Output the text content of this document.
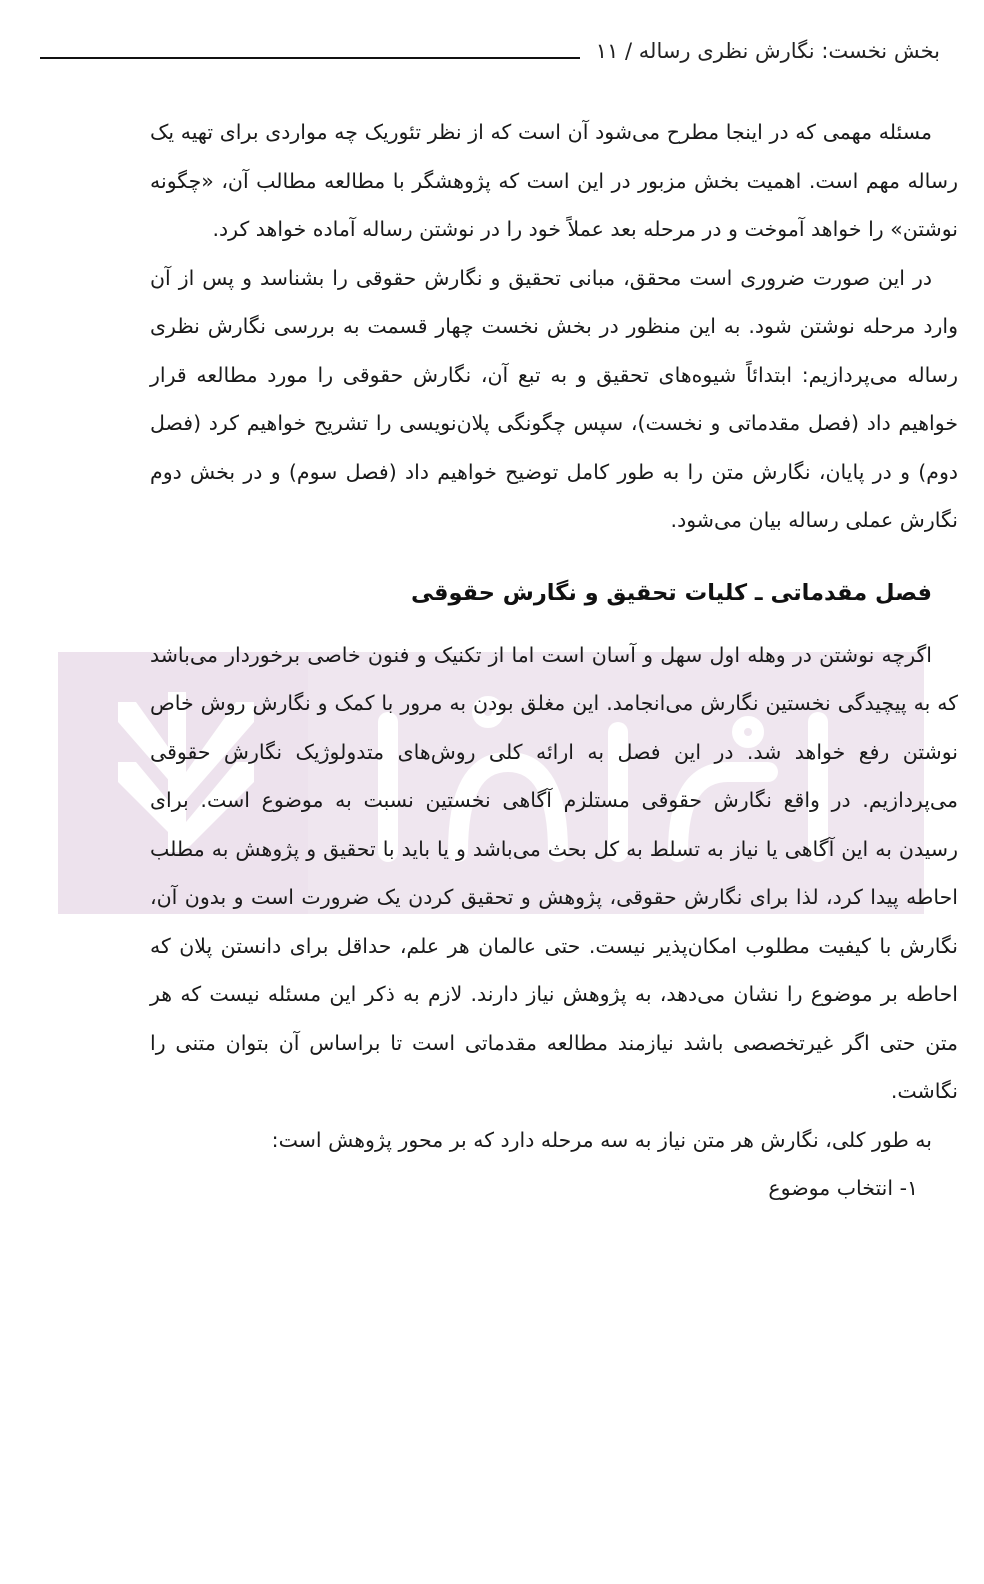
بخش نخست: نگارش نظری رساله / ۱۱

مسئله مهمی که در اینجا مطرح می‌شود آن است که از نظر تئوریک چه مواردی برای تهیه یک رساله مهم است. اهمیت بخش مزبور در این است که پژوهشگر با مطالعه مطالب آن، «چگونه نوشتن» را خواهد آموخت و در مرحله بعد عملاً خود را در نوشتن رساله آماده خواهد کرد.

در این صورت ضروری است محقق، مبانی تحقیق و نگارش حقوقی را بشناسد و پس از آن وارد مرحله نوشتن شود. به این منظور در بخش نخست چهار قسمت به بررسی نگارش نظری رساله می‌پردازیم: ابتدائاً شیوه‌های تحقیق و به تبع آن، نگارش حقوقی را مورد مطالعه قرار خواهیم داد (فصل مقدماتی و نخست)، سپس چگونگی پلان‌نویسی را تشریح خواهیم کرد (فصل دوم) و در پایان، نگارش متن را به طور کامل توضیح خواهیم داد (فصل سوم) و در بخش دوم نگارش عملی رساله بیان می‌شود.

فصل مقدماتی ـ کلیات تحقیق و نگارش حقوقی

اگرچه نوشتن در وهله اول سهل و آسان است اما از تکنیک و فنون خاصی برخوردار می‌باشد که به پیچیدگی نخستین نگارش می‌انجامد. این مغلق بودن به مرور با کمک و نگارش روش خاص نوشتن رفع خواهد شد. در این فصل به ارائه کلی روش‌های متدولوژیک نگارش حقوقی می‌پردازیم. در واقع نگارش حقوقی مستلزم آگاهی نخستین نسبت به موضوع است. برای رسیدن به این آگاهی یا نیاز به تسلط به کل بحث می‌باشد و یا باید با تحقیق و پژوهش به مطلب احاطه پیدا کرد، لذا برای نگارش حقوقی، پژوهش و تحقیق کردن یک ضرورت است و بدون آن، نگارش با کیفیت مطلوب امکان‌پذیر نیست. حتی عالمان هر علم، حداقل برای دانستن پلان که احاطه بر موضوع را نشان می‌دهد، به پژوهش نیاز دارند. لازم به ذکر این مسئله نیست که هر متن حتی اگر غیرتخصصی باشد نیازمند مطالعه مقدماتی است تا براساس آن بتوان متنی را نگاشت.

به طور کلی، نگارش هر متن نیاز به سه مرحله دارد که بر محور پژوهش است:

۱- انتخاب موضوع
